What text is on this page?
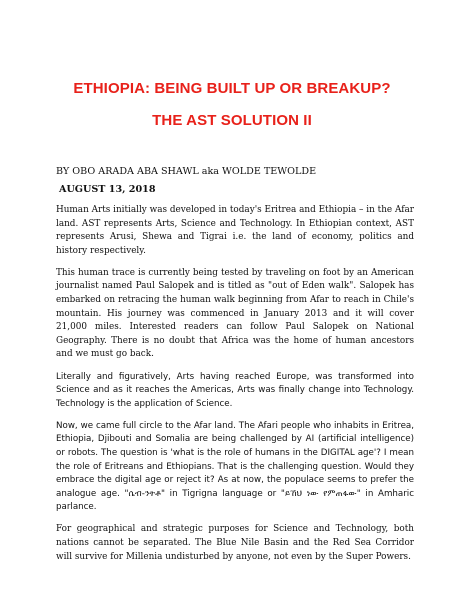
ETHIOPIA: BEING BUILT UP OR BREAKUP?
THE AST SOLUTION II
BY OBO ARADA ABA SHAWL aka WOLDE TEWOLDE
AUGUST 13, 2018

Human Arts initially was developed in today's Eritrea and Ethiopia – in the Afar land. AST represents Arts, Science and Technology. In Ethiopian context, AST represents Arusi, Shewa and Tigrai i.e. the land of economy, politics and history respectively.

This human trace is currently being tested by traveling on foot by an American journalist named Paul Salopek and is titled as "out of Eden walk". Salopek has embarked on retracing the human walk beginning from Afar to reach in Chile's mountain. His journey was commenced in January 2013 and it will cover 21,000 miles. Interested readers can follow Paul Salopek on National Geography. There is no doubt that Africa was the home of human ancestors and we must go back.

Literally and figuratively, Arts having reached Europe, was transformed into Science and as it reaches the Americas, Arts was finally change into Technology. Technology is the application of Science.

Now, we came full circle to the Afar land. The Afari people who inhabits in Eritrea, Ethiopia, Djibouti and Somalia are being challenged by AI (artificial intelligence) or robots. The question is 'what is the role of humans in the DIGITAL age'? I mean the role of Eritreans and Ethiopians. That is the challenging question. Would they embrace the digital age or reject it? As at now, the populace seems to prefer the analogue age. "ሴብ-ንትቶ" in Tigrigna language or "ይኸህ ነው የምጠፋው" in Amharic parlance.

For geographical and strategic purposes for Science and Technology, both nations cannot be separated. The Blue Nile Basin and the Red Sea Corridor will survive for Millenia undisturbed by anyone, not even by the Super Powers.
